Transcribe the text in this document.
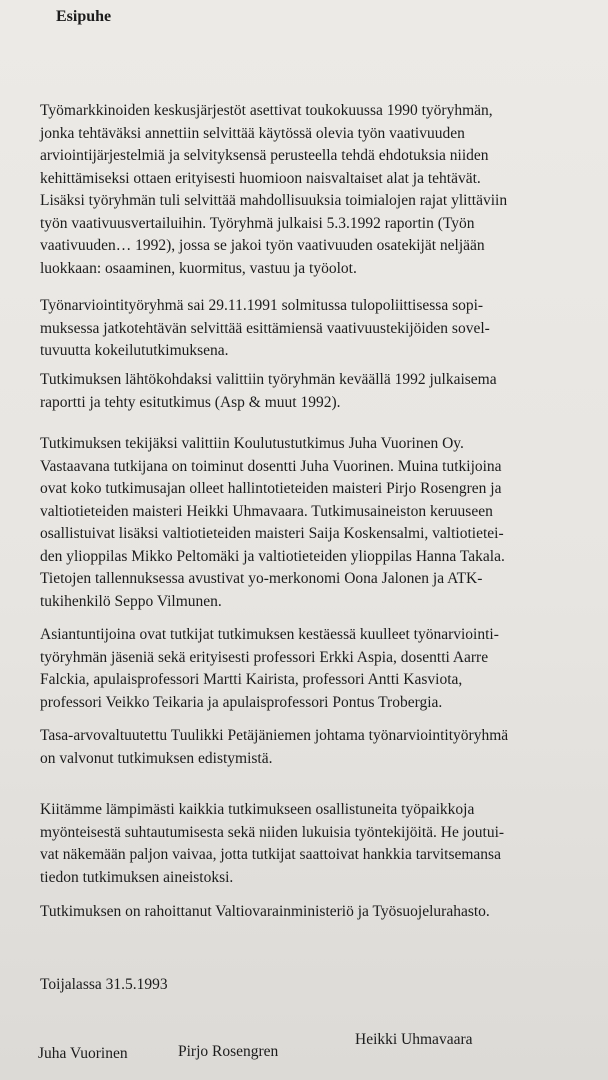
Esipuhe

Työmarkkinoiden keskusjärjestöt asettivat toukokuussa 1990 työryhmän,
jonka tehtäväksi annettiin selvittää käytössä olevia työn vaativuuden
arviointijärjestelmiä ja selvityksensä perusteella tehdä ehdotuksia niiden
kehittämiseksi ottaen erityisesti huomioon naisvaltaiset alat ja tehtävät.
Lisäksi työryhmän tuli selvittää mahdollisuuksia toimialojen rajat ylittäviin
työn vaativuusvertailuihin. Työryhmä julkaisi 5.3.1992 raportin (Työn
vaativuuden… 1992), jossa se jakoi työn vaativuuden osatekijät neljään
luokkaan: osaaminen, kuormitus, vastuu ja työolot.

Työnarviointityöryhmä sai 29.11.1991 solmitussa tulopoliittisessa sopi-
muksessa jatkotehtävän selvittää esittämiensä vaativuustekijöiden sovel-
tuvuutta kokeilututkimuksena.

Tutkimuksen lähtökohdaksi valittiin työryhmän keväällä 1992 julkaisema
raportti ja tehty esitutkimus (Asp & muut 1992).

Tutkimuksen tekijäksi valittiin Koulutustutkimus Juha Vuorinen Oy.
Vastaavana tutkijana on toiminut dosentti Juha Vuorinen. Muina tutkijoina
ovat koko tutkimusajan olleet hallintotieteiden maisteri Pirjo Rosengren ja
valtiotieteiden maisteri Heikki Uhmavaara. Tutkimusaineiston keruuseen
osallistuivat lisäksi valtiotieteiden maisteri Saija Koskensalmi, valtiotietei-
den ylioppilas Mikko Peltomäki ja valtiotieteiden ylioppilas Hanna Takala.
Tietojen tallennuksessa avustivat yo-merkonomi Oona Jalonen ja ATK-
tukihenkilö Seppo Vilmunen.

Asiantuntijoina ovat tutkijat tutkimuksen kestäessä kuulleet työnarviointi-
työryhmän jäseniä sekä erityisesti professori Erkki Aspia, dosentti Aarre
Falckia, apulaisprofessori Martti Kairista, professori Antti Kasviota,
professori Veikko Teikaria ja apulaisprofessori Pontus Trobergia.

Tasa-arvovaltuutettu Tuulikki Petäjäniemen johtama työnarviointityöryhmä
on valvonut tutkimuksen edistymistä.

Kiitämme lämpimästi kaikkia tutkimukseen osallistuneita työpaikkoja
myönteisestä suhtautumisesta sekä niiden lukuisia työntekijöitä. He joutui-
vat näkemään paljon vaivaa, jotta tutkijat saattoivat hankkia tarvitsemansa
tiedon tutkimuksen aineistoksi.

Tutkimuksen on rahoittanut Valtiovarainministeriö ja Työsuojelurahasto.

Toijalassa 31.5.1993

Juha Vuorinen	Pirjo Rosengren
Heikki Uhmavaara
